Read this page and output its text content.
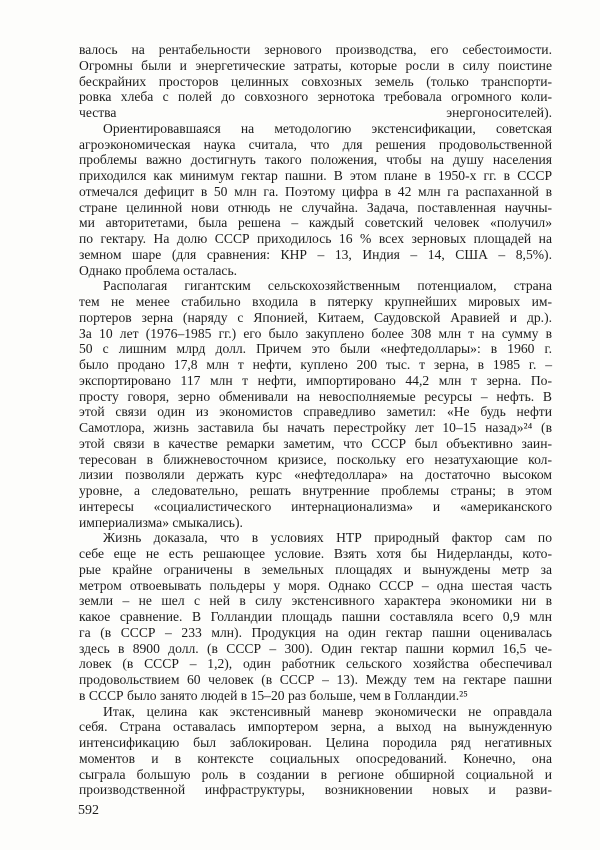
валось на рентабельности зернового производства, его себестоимости.
Огромны были и энергетические затраты, которые росли в силу поистине
бескрайних просторов целинных совхозных земель (только транспорти-
ровка хлеба с полей до совхозного зернотока требовала огромного коли-
чества энергоносителей).
Ориентировавшаяся на методологию экстенсификации, советская
агроэкономическая наука считала, что для решения продовольственной
проблемы важно достигнуть такого положения, чтобы на душу населения
приходился как минимум гектар пашни. В этом плане в 1950-х гг. в СССР
отмечался дефицит в 50 млн га. Поэтому цифра в 42 млн га распаханной в
стране целинной нови отнюдь не случайна. Задача, поставленная научны-
ми авторитетами, была решена – каждый советский человек «получил»
по гектару. На долю СССР приходилось 16 % всех зерновых площадей на
земном шаре (для сравнения: КНР – 13, Индия – 14, США – 8,5%).
Однако проблема осталась.
Располагая гигантским сельскохозяйственным потенциалом, страна
тем не менее стабильно входила в пятерку крупнейших мировых им-
портеров зерна (наряду с Японией, Китаем, Саудовской Аравией и др.).
За 10 лет (1976–1985 гг.) его было закуплено более 308 млн т на сумму в
50 с лишним млрд долл. Причем это были «нефтедоллары»: в 1960 г.
было продано 17,8 млн т нефти, куплено 200 тыс. т зерна, в 1985 г. –
экспортировано 117 млн т нефти, импортировано 44,2 млн т зерна. По-
просту говоря, зерно обменивали на невосполняемые ресурсы – нефть. В
этой связи один из экономистов справедливо заметил: «Не будь нефти
Самотлора, жизнь заставила бы начать перестройку лет 10–15 назад»²⁴ (в
этой связи в качестве ремарки заметим, что СССР был объективно заин-
тересован в ближневосточном кризисе, поскольку его незатухающие кол-
лизии позволяли держать курс «нефтедоллара» на достаточно высоком
уровне, а следовательно, решать внутренние проблемы страны; в этом
интересы «социалистического интернационализма» и «американского
империализма» смыкались).
Жизнь доказала, что в условиях НТР природный фактор сам по
себе еще не есть решающее условие. Взять хотя бы Нидерланды, кото-
рые крайне ограничены в земельных площадях и вынуждены метр за
метром отвоевывать польдеры у моря. Однако СССР – одна шестая часть
земли – не шел с ней в силу экстенсивного характера экономики ни в
какое сравнение. В Голландии площадь пашни составляла всего 0,9 млн
га (в СССР – 233 млн). Продукция на один гектар пашни оценивалась
здесь в 8900 долл. (в СССР – 300). Один гектар пашни кормил 16,5 че-
ловек (в СССР – 1,2), один работник сельского хозяйства обеспечивал
продовольствием 60 человек (в СССР – 13). Между тем на гектаре пашни
в СССР было занято людей в 15–20 раз больше, чем в Голландии.²⁵
Итак, целина как экстенсивный маневр экономически не оправдала
себя. Страна оставалась импортером зерна, а выход на вынужденную
интенсификацию был заблокирован. Целина породила ряд негативных
моментов и в контексте социальных опосредований. Конечно, она
сыграла большую роль в создании в регионе обширной социальной и
производственной инфраструктуры, возникновении новых и разви-
592
